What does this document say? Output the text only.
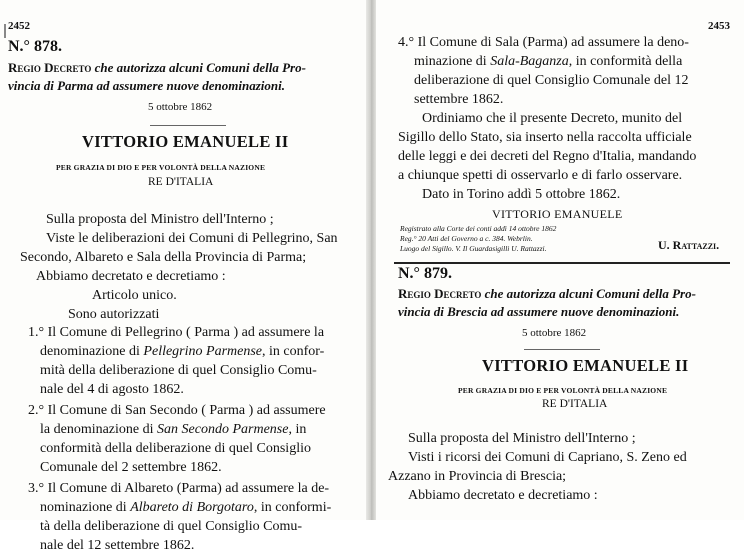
2452
N.° 878.
Regio Decreto che autorizza alcuni Comuni della Pro-
vincia di Parma ad assumere nuove denominazioni.
5 ottobre 1862
VITTORIO EMANUELE II
PER GRAZIA DI DIO E PER VOLONTÀ DELLA NAZIONE
RE D'ITALIA
Sulla proposta del Ministro dell'Interno ;
Viste le deliberazioni dei Comuni di Pellegrino, San
Secondo, Albareto e Sala della Provincia di Parma;
Abbiamo decretato e decretiamo :
Articolo unico.
Sono autorizzati
1.° Il Comune di Pellegrino ( Parma ) ad assumere la
denominazione di Pellegrino Parmense, in confor-
mità della deliberazione di quel Consiglio Comu-
nale del 4 di agosto 1862.
2.° Il Comune di San Secondo ( Parma ) ad assumere
la denominazione di San Secondo Parmense, in
conformità della deliberazione di quel Consiglio
Comunale del 2 settembre 1862.
3.° Il Comune di Albareto (Parma) ad assumere la de-
nominazione di Albareto di Borgotaro, in conformi-
tà della deliberazione di quel Consiglio Comu-
nale del 12 settembre 1862.
2453
4.° Il Comune di Sala (Parma) ad assumere la deno-
minazione di Sala-Baganza, in conformità della
deliberazione di quel Consiglio Comunale del 12
settembre 1862.
Ordiniamo che il presente Decreto, munito del
Sigillo dello Stato, sia inserto nella raccolta ufficiale
delle leggi e dei decreti del Regno d'Italia, mandando
a chiunque spetti di osservarlo e di farlo osservare.
Dato in Torino addì 5 ottobre 1862.
VITTORIO EMANUELE
Registrato alla Corte dei conti addì 14 ottobre 1862
Reg.° 20 Atti del Governo a c. 384. Webrlin.
Luogo del Sigillo. V. Il Guardasigilli U. Rattazzi.	U. Rattazzi.
N.° 879.
Regio Decreto che autorizza alcuni Comuni della Pro-
vincia di Brescia ad assumere nuove denominazioni.
5 ottobre 1862
VITTORIO EMANUELE II
PER GRAZIA DI DIO E PER VOLONTÀ DELLA NAZIONE
RE D'ITALIA
Sulla proposta del Ministro dell'Interno ;
Visti i ricorsi dei Comuni di Capriano, S. Zeno ed
Azzano in Provincia di Brescia;
Abbiamo decretato e decretiamo :
